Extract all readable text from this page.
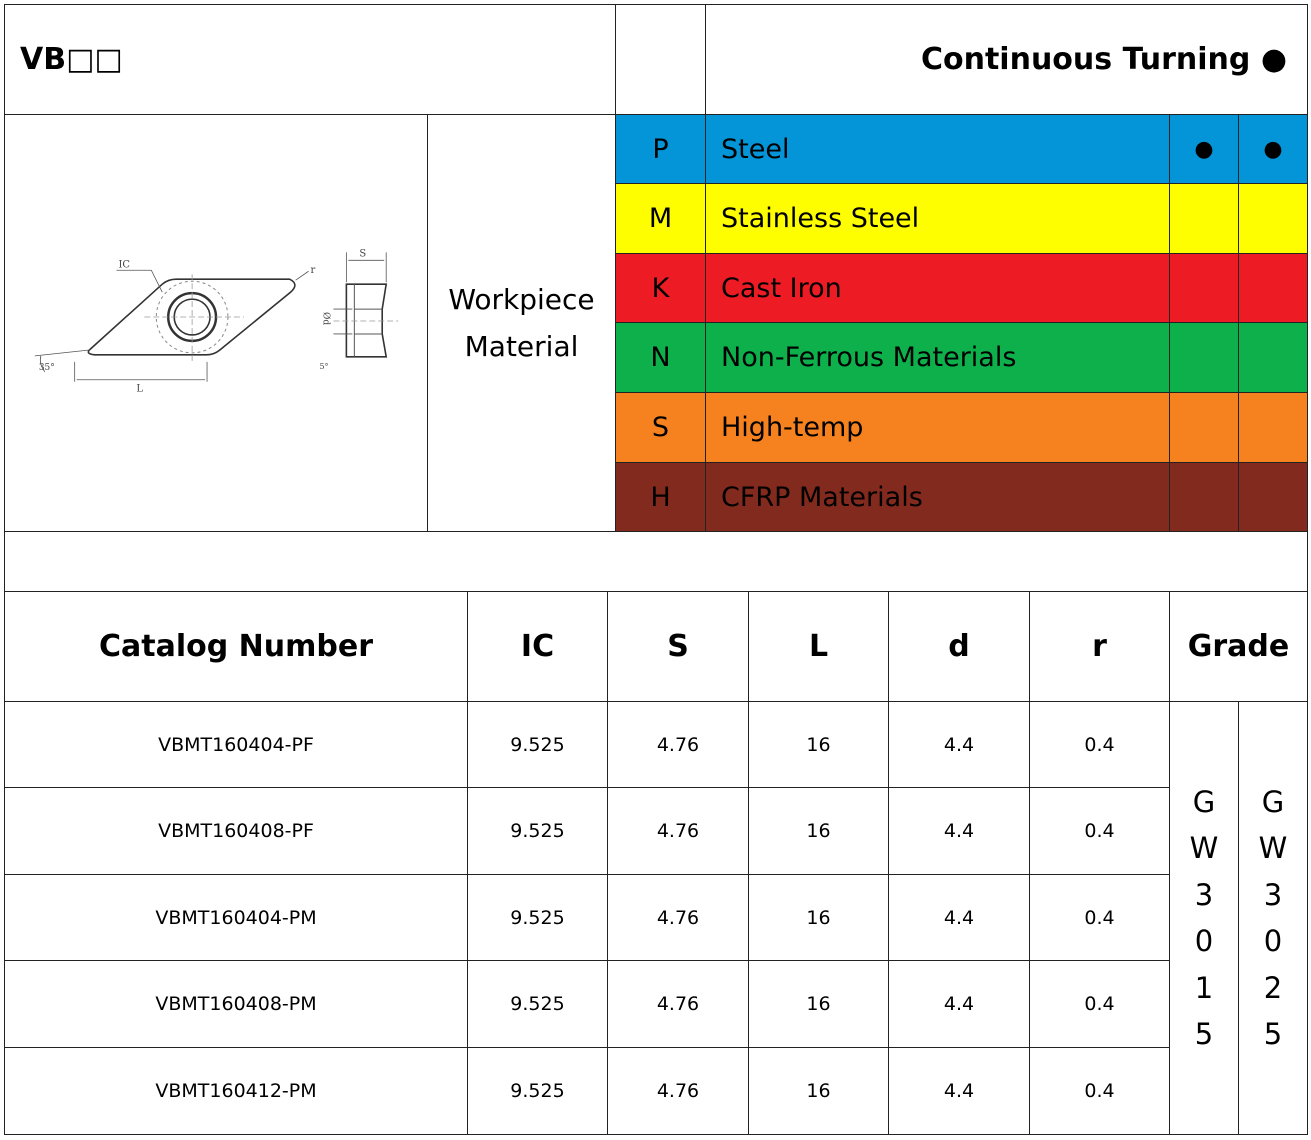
VB□□	Continuous Turning ●
IC
r
35°
L
S
Ød
5°
Workpiece
Material
P	Steel	●	●
M	Stainless Steel
K	Cast Iron
N	Non-Ferrous Materials
S	High-temp
H	CFRP Materials
Catalog Number	IC	S	L	d	r	Grade
VBMT160404-PF	9.525	4.76	16	4.4	0.4
VBMT160408-PF	9.525	4.76	16	4.4	0.4
VBMT160404-PM	9.525	4.76	16	4.4	0.4
VBMT160408-PM	9.525	4.76	16	4.4	0.4
VBMT160412-PM	9.525	4.76	16	4.4	0.4
G
W
3
0
1
5
G
W
3
0
2
5
